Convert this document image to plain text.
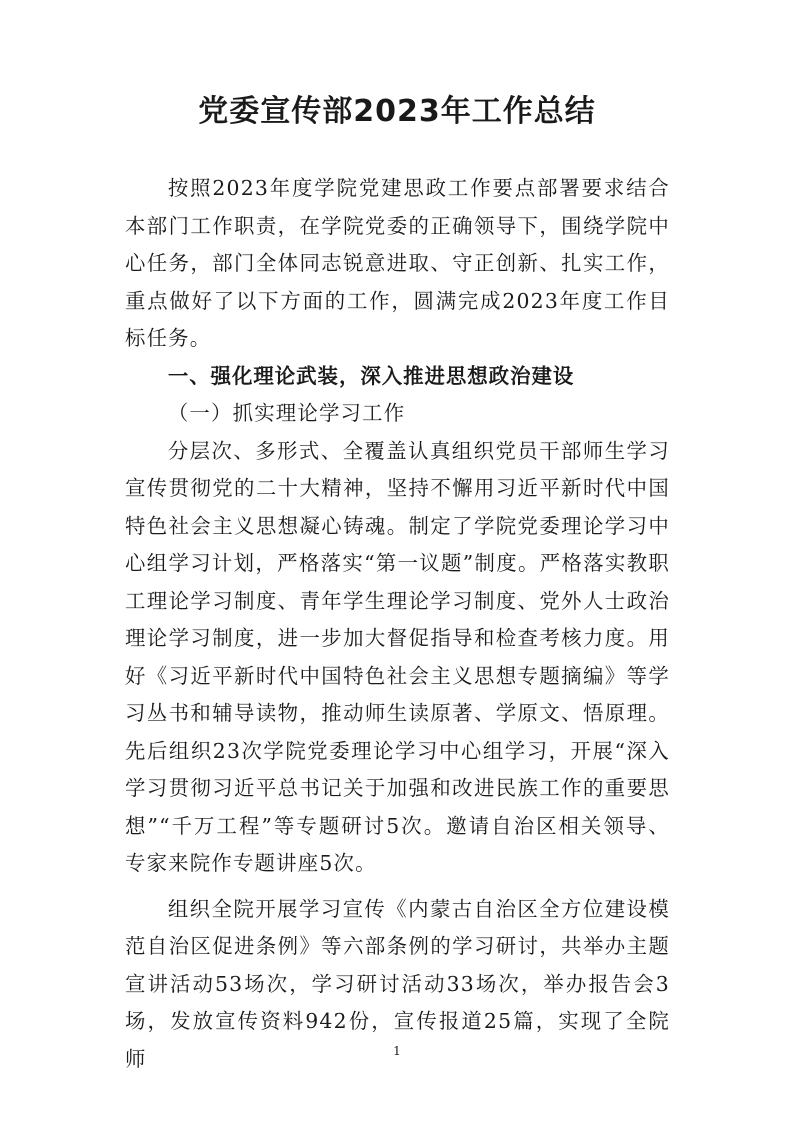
党委宣传部2023年工作总结

按照2023年度学院党建思政工作要点部署要求结合本部门工作职责，在学院党委的正确领导下，围绕学院中心任务，部门全体同志锐意进取、守正创新、扎实工作，重点做好了以下方面的工作，圆满完成2023年度工作目标任务。

一、强化理论武装，深入推进思想政治建设

（一）抓实理论学习工作

分层次、多形式、全覆盖认真组织党员干部师生学习宣传贯彻党的二十大精神，坚持不懈用习近平新时代中国特色社会主义思想凝心铸魂。制定了学院党委理论学习中心组学习计划，严格落实“第一议题”制度。严格落实教职工理论学习制度、青年学生理论学习制度、党外人士政治理论学习制度，进一步加大督促指导和检查考核力度。用好《习近平新时代中国特色社会主义思想专题摘编》等学习丛书和辅导读物，推动师生读原著、学原文、悟原理。先后组织23次学院党委理论学习中心组学习，开展“深入学习贯彻习近平总书记关于加强和改进民族工作的重要思想”“千万工程”等专题研讨5次。邀请自治区相关领导、专家来院作专题讲座5次。

组织全院开展学习宣传《内蒙古自治区全方位建设模范自治区促进条例》等六部条例的学习研讨，共举办主题宣讲活动53场次，学习研讨活动33场次，举办报告会3场，发放宣传资料942份，宣传报道25篇，实现了全院师	1
